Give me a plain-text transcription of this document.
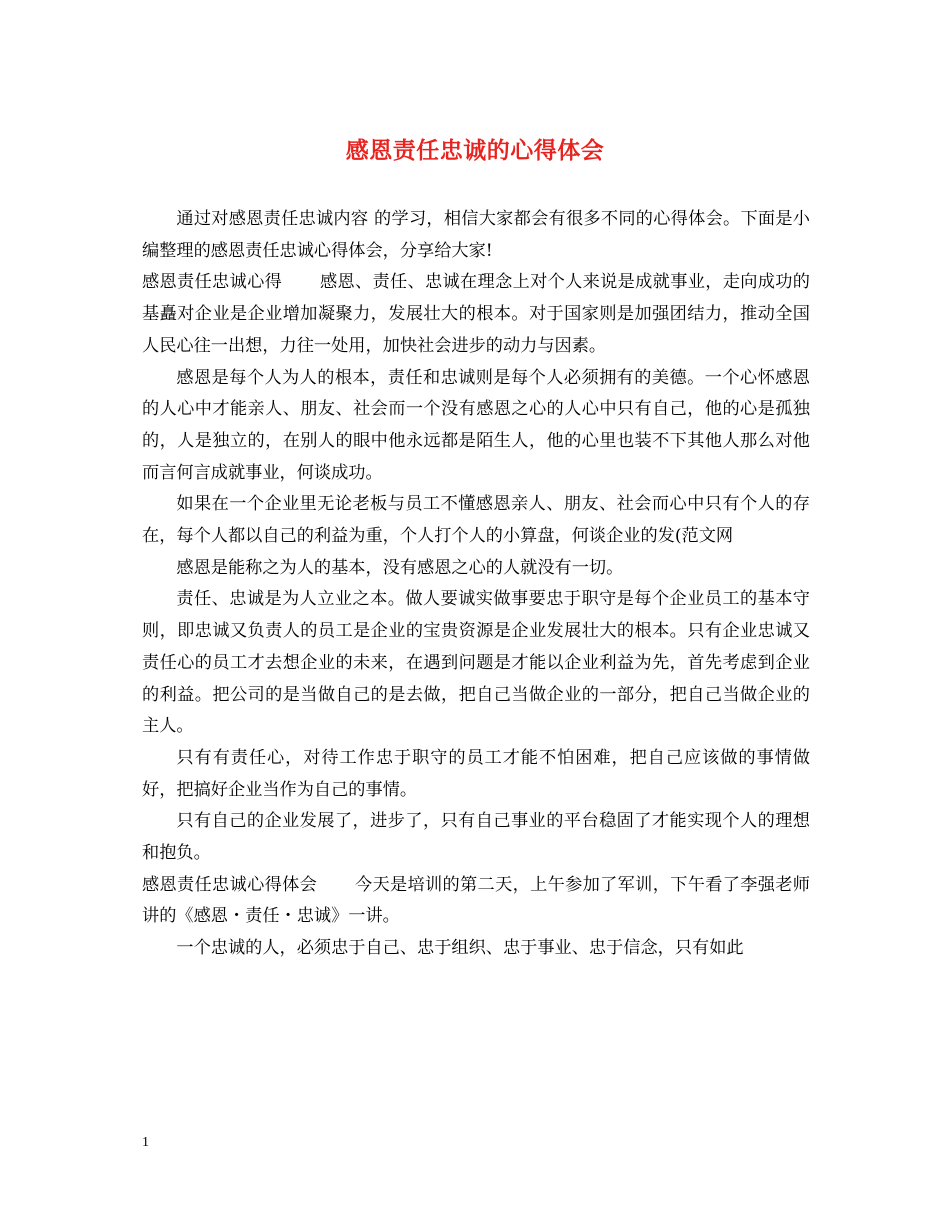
感恩责任忠诚的心得体会

通过对感恩责任忠诚内容 的学习，相信大家都会有很多不同的心得体会。下面是小编整理的感恩责任忠诚心得体会，分享给大家!

感恩责任忠诚心得 感恩、责任、忠诚在理念上对个人来说是成就事业，走向成功的基矗对企业是企业增加凝聚力，发展壮大的根本。对于国家则是加强团结力，推动全国人民心往一出想，力往一处用，加快社会进步的动力与因素。

感恩是每个人为人的根本，责任和忠诚则是每个人必须拥有的美德。一个心怀感恩的人心中才能亲人、朋友、社会而一个没有感恩之心的人心中只有自己，他的心是孤独的，人是独立的，在别人的眼中他永远都是陌生人，他的心里也装不下其他人那么对他而言何言成就事业，何谈成功。

如果在一个企业里无论老板与员工不懂感恩亲人、朋友、社会而心中只有个人的存在，每个人都以自己的利益为重，个人打个人的小算盘，何谈企业的发(范文网

感恩是能称之为人的基本，没有感恩之心的人就没有一切。

责任、忠诚是为人立业之本。做人要诚实做事要忠于职守是每个企业员工的基本守则，即忠诚又负责人的员工是企业的宝贵资源是企业发展壮大的根本。只有企业忠诚又责任心的员工才去想企业的未来，在遇到问题是才能以企业利益为先，首先考虑到企业的利益。把公司的是当做自己的是去做，把自己当做企业的一部分，把自己当做企业的主人。

只有有责任心，对待工作忠于职守的员工才能不怕困难，把自己应该做的事情做好，把搞好企业当作为自己的事情。

只有自己的企业发展了，进步了，只有自己事业的平台稳固了才能实现个人的理想和抱负。

感恩责任忠诚心得体会 今天是培训的第二天，上午参加了军训，下午看了李强老师讲的《感恩・责任・忠诚》一讲。

一个忠诚的人，必须忠于自己、忠于组织、忠于事业、忠于信念，只有如此

1
